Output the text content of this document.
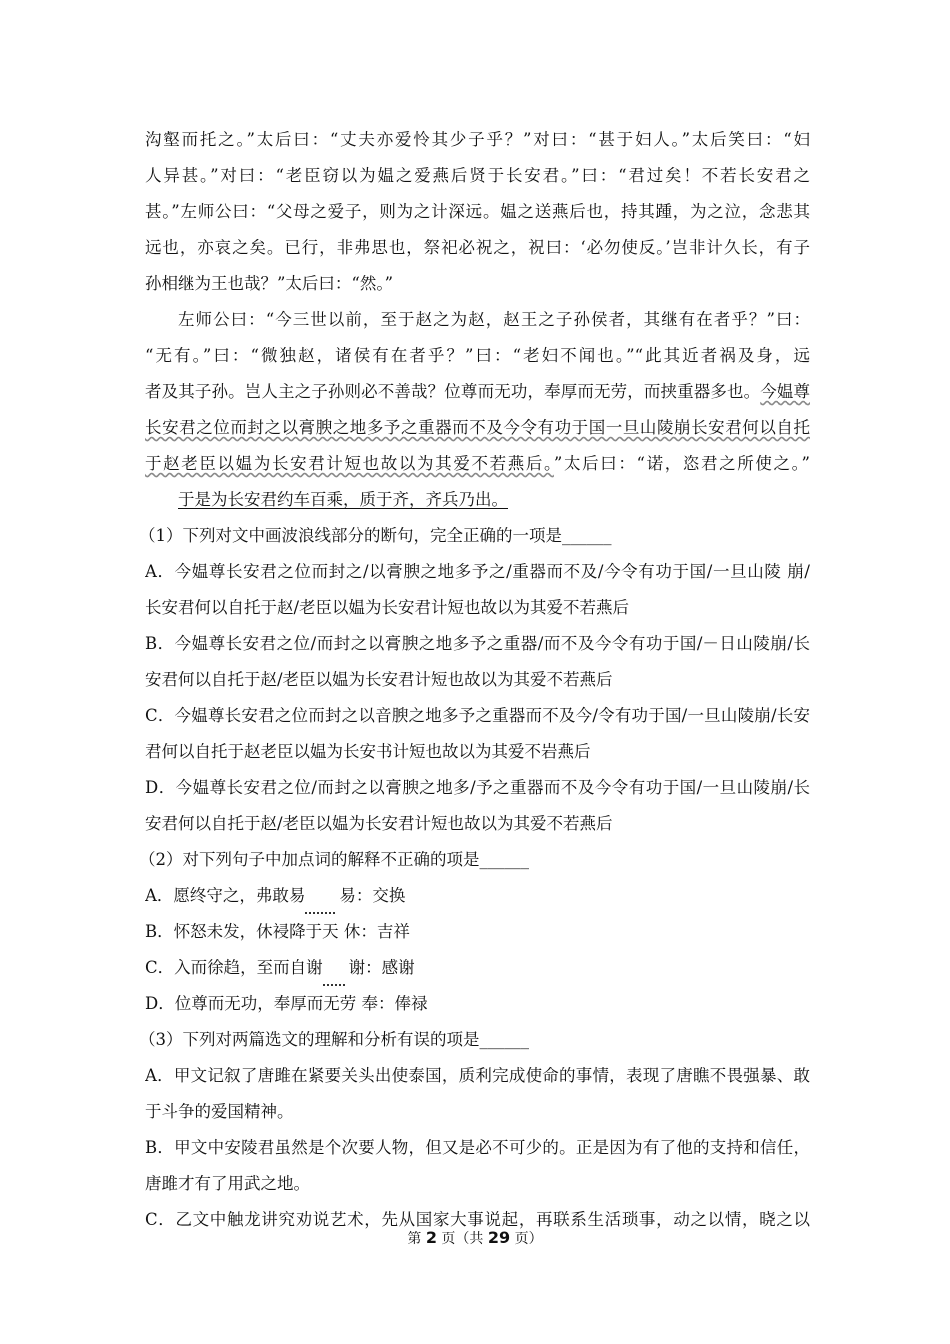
沟壑而托之。”太后曰：“丈夫亦爱怜其少子乎？”对曰：“甚于妇人。”太后笑曰：“妇
人异甚。”对曰：“老臣窃以为媪之爱燕后贤于长安君。”曰：“君过矣！不若长安君之
甚。”左师公曰：“父母之爱子，则为之计深远。媪之送燕后也，持其踵，为之泣，念悲其
远也，亦哀之矣。已行，非弗思也，祭祀必祝之，祝曰：‘必勿使反。’岂非计久长，有子
孙相继为王也哉？”太后曰：“然。”
左师公曰：“今三世以前，至于赵之为赵，赵王之子孙侯者，其继有在者乎？”曰：
“无有。”曰：“微独赵，诸侯有在者乎？”曰：“老妇不闻也。”“此其近者祸及身，远
者及其子孙。岂人主之子孙则必不善哉？位尊而无功，奉厚而无劳，而挟重器多也。今媪尊
长安君之位而封之以膏腴之地多予之重器而不及今令有功于国一旦山陵崩长安君何以自托
于赵老臣以媪为长安君计短也故以为其爱不若燕后。”太后曰：“诺，恣君之所使之。”
于是为长安君约车百乘，质于齐，齐兵乃出。
（1）下列对文中画波浪线部分的断句，完全正确的一项是______
A．今媪尊长安君之位而封之/以膏腴之地多予之/重器而不及/今令有功于国/一旦山陵 崩/
长安君何以自托于赵/老臣以媪为长安君计短也故以为其爱不若燕后
B．今媪尊长安君之位/而封之以膏腴之地多予之重器/而不及今令有功于国/－日山陵崩/长
安君何以自托于赵/老臣以媪为长安君计短也故以为其爱不若燕后
C．今媪尊长安君之位而封之以音腴之地多予之重器而不及今/令有功于国/一旦山陵崩/长安
君何以自托于赵老臣以媪为长安书计短也故以为其爱不岩燕后
D．今媪尊长安君之位/而封之以膏腴之地多/予之重器而不及今令有功于国/一旦山陵崩/长
安君何以自托于赵/老臣以媪为长安君计短也故以为其爱不若燕后
（2）对下列句子中加点词的解释不正确的项是______
A．愿终守之，弗敢易 易：交换
B．怀怒未发，休祲降于天 休：吉祥
C．入而徐趋，至而自谢 谢：感谢
D．位尊而无功，奉厚而无劳 奉：俸禄
（3）下列对两篇选文的理解和分析有误的项是______
A．甲文记叙了唐雎在紧要关头出使泰国，质利完成使命的事情，表现了唐瞧不畏强暴、敢
于斗争的爱国精神。
B．甲文中安陵君虽然是个次要人物，但又是必不可少的。正是因为有了他的支持和信任，
唐雎才有了用武之地。
C．乙文中触龙讲究劝说艺术，先从国家大事说起，再联系生活琐事，动之以情，晓之以
第 2 页（共 29 页）
